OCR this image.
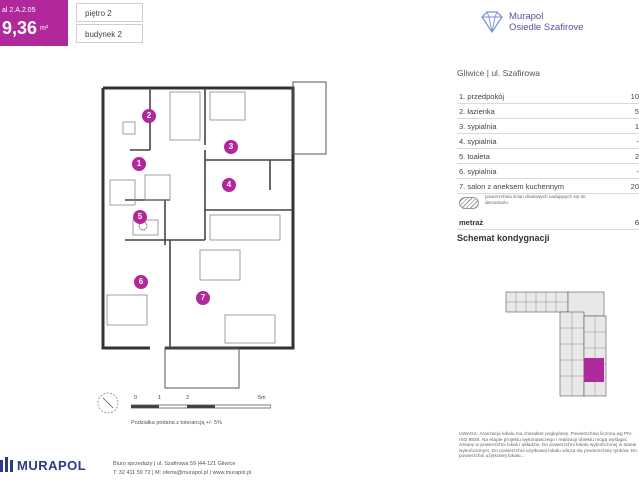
al 2.A.2.05
9,36 m²
piętro 2
budynek 2
Murapol
Osiedle Szafirove
Gliwice | ul. Szafirowa
1. przedpokój	10
2. łazienka	5
3. sypialnia	1
4. sypialnia	-
5. toaleta	2
6. sypialnia	-
7. salon z aneksem kuchennym	20
powierzchnia ścian działowych nadających się do demontażu
metraż	6
Schemat kondygnacji
2
1
3
4
5
6
7
0	1	2	5m
Podziałka podana z tolerancją +/- 5%
UWAGA: Aranżacja lokalu ma charakter poglądowy. Powierzchnia liczona wg PN-ISO 9836. Na etapie projektu wykonawczego i realizacji obiektu mogą wystąpić zmiany w powierzchni lokali i układzie. Do powierzchni lokalu wykończonej w stanie wykończonym. Do powierzchni użytkowej lokalu wlicza się powierzchnię tynków. Do powierzchni użytkowej lokalu...
MURAPOL	Biuro sprzedaży | ul. Szafirowa 59 |44-121 Gliwice
T: 32 411 59 72 | M: oferta@murapol.pl | www.murapol.pl
